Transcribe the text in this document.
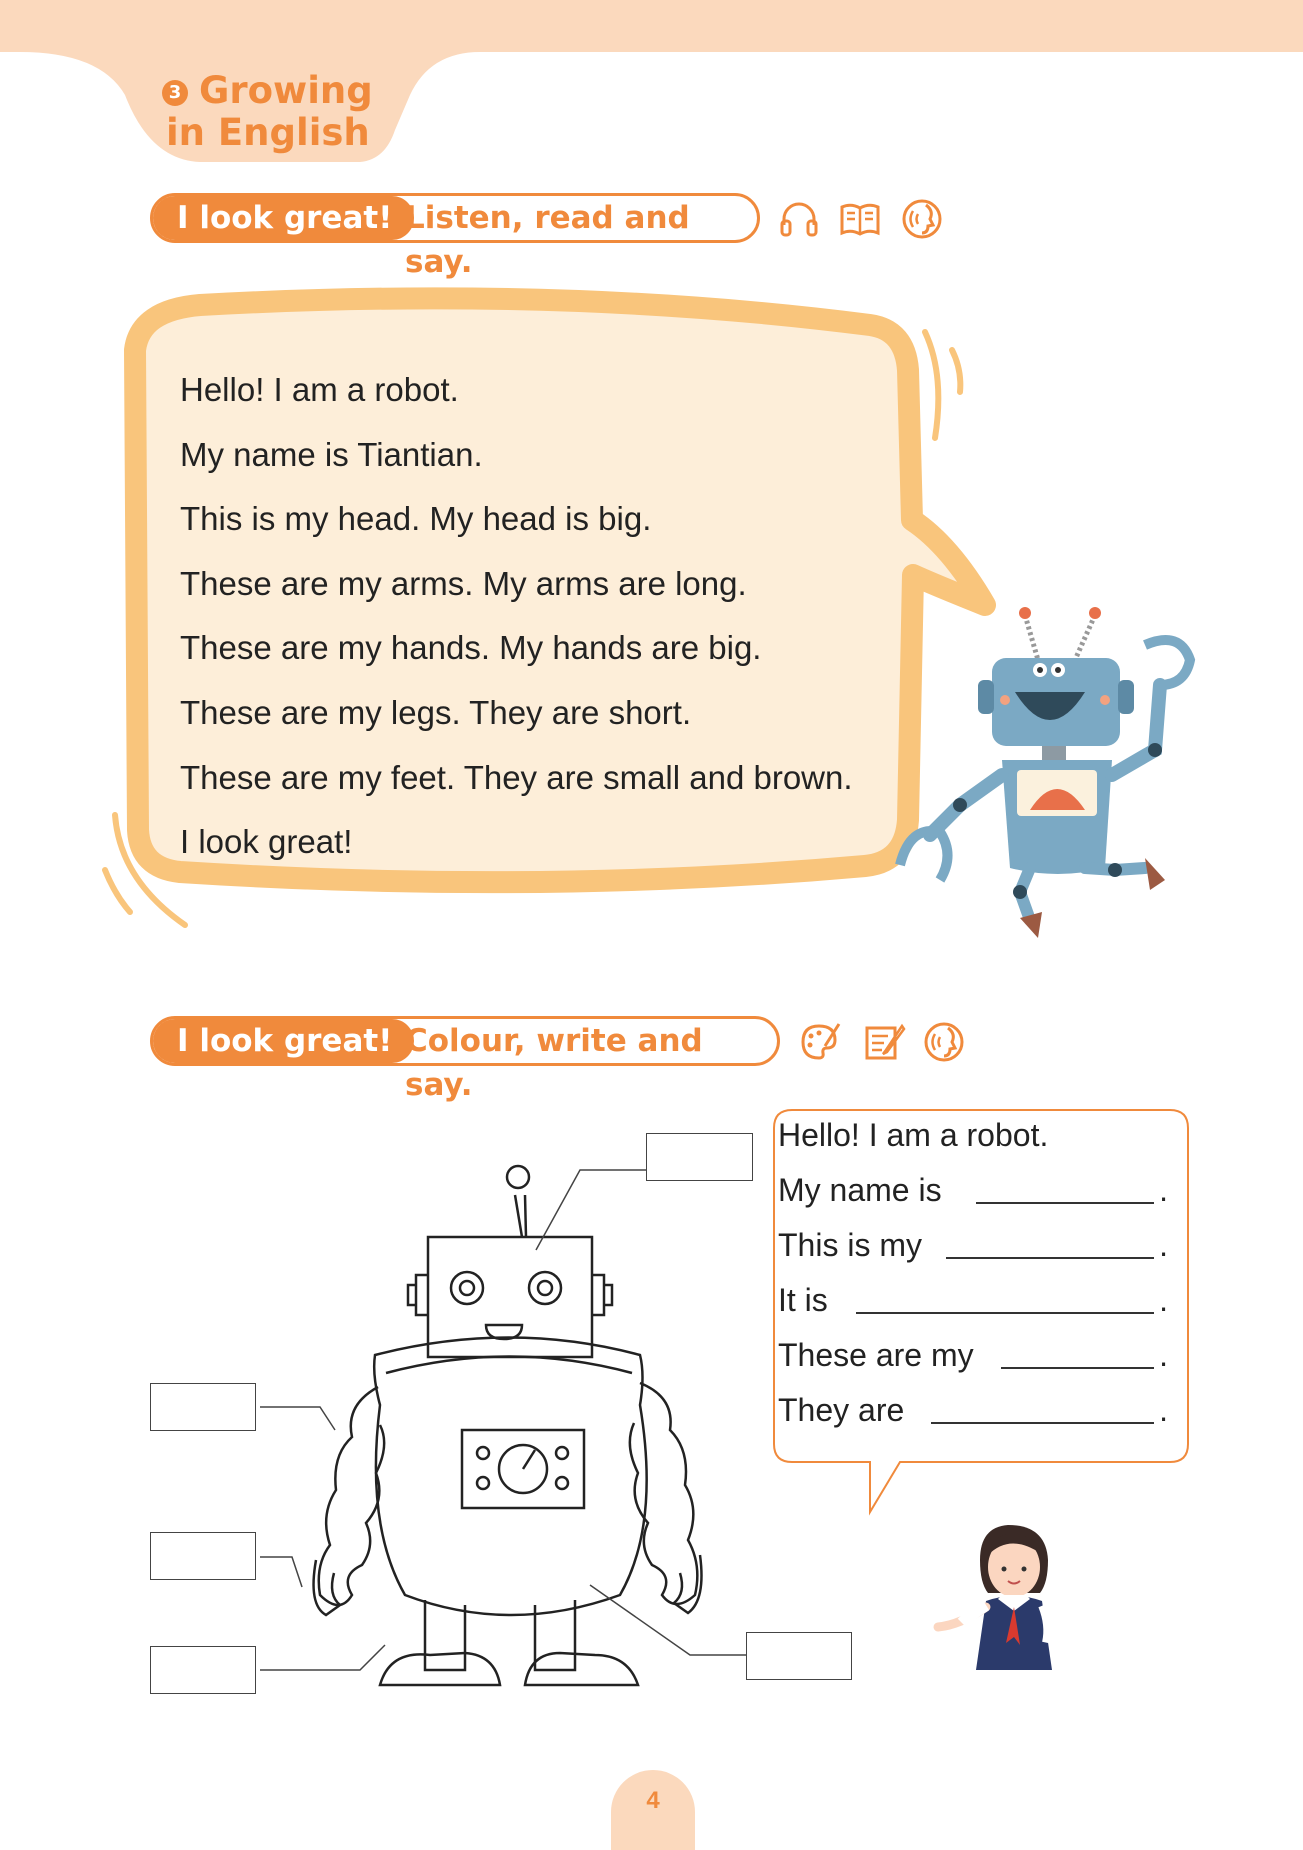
3 Growing
in English
I look great! Listen, read and say.
Hello! I am a robot.
My name is Tiantian.
This is my head. My head is big.
These are my arms. My arms are long.
These are my hands. My hands are big.
These are my legs. They are short.
These are my feet. They are small and brown.
I look great!
I look great! Colour, write and say.
Hello! I am a robot.
My name is	.
This is my	.
It is	.
These are my	.
They are	.
4
